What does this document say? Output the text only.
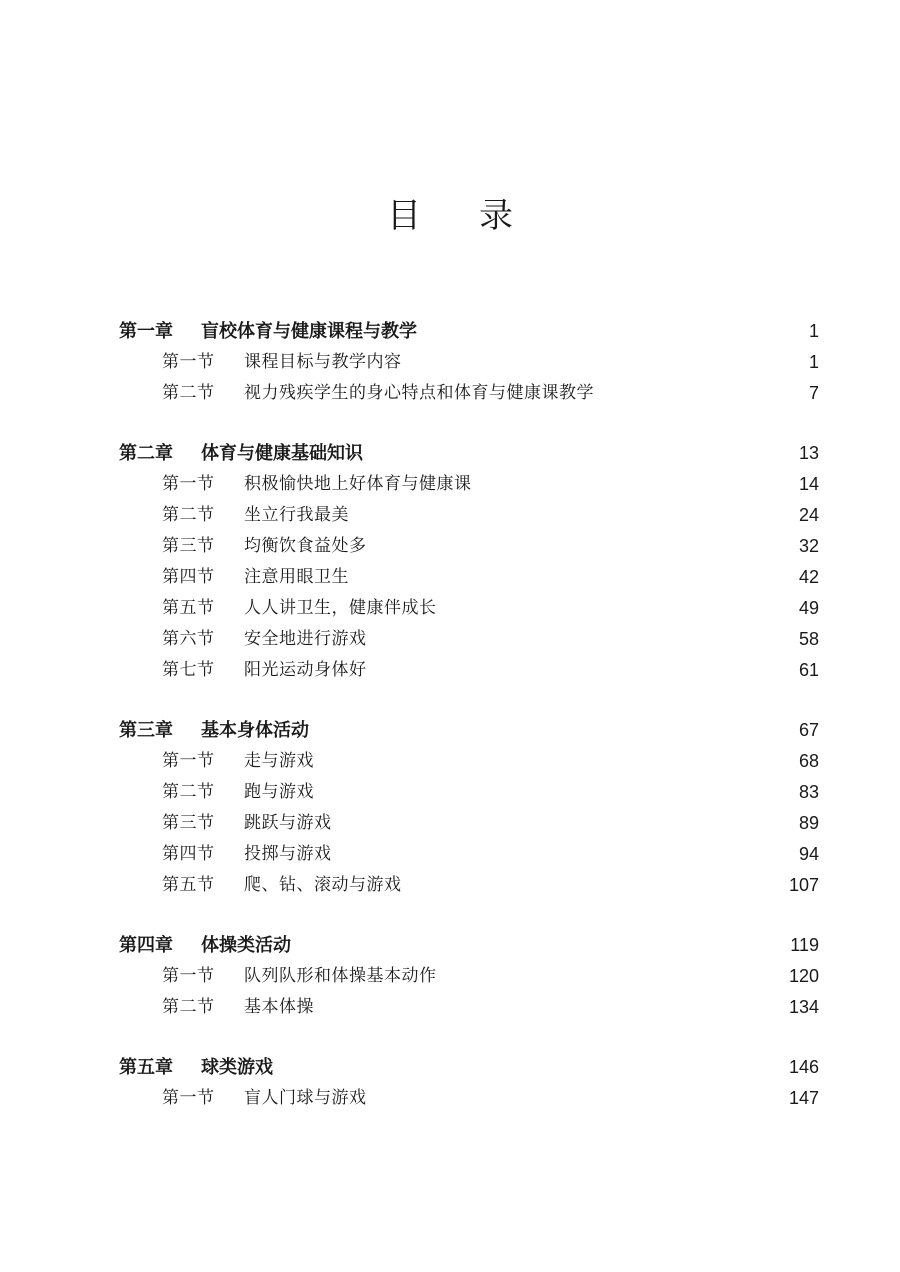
目 录
第一章 盲校体育与健康课程与教学	1
第一节 课程目标与教学内容	1
第二节 视力残疾学生的身心特点和体育与健康课教学	7
第二章 体育与健康基础知识	13
第一节 积极愉快地上好体育与健康课	14
第二节 坐立行我最美	24
第三节 均衡饮食益处多	32
第四节 注意用眼卫生	42
第五节 人人讲卫生，健康伴成长	49
第六节 安全地进行游戏	58
第七节 阳光运动身体好	61
第三章 基本身体活动	67
第一节 走与游戏	68
第二节 跑与游戏	83
第三节 跳跃与游戏	89
第四节 投掷与游戏	94
第五节 爬、钻、滚动与游戏	107
第四章 体操类活动	119
第一节 队列队形和体操基本动作	120
第二节 基本体操	134
第五章 球类游戏	146
第一节 盲人门球与游戏	147
